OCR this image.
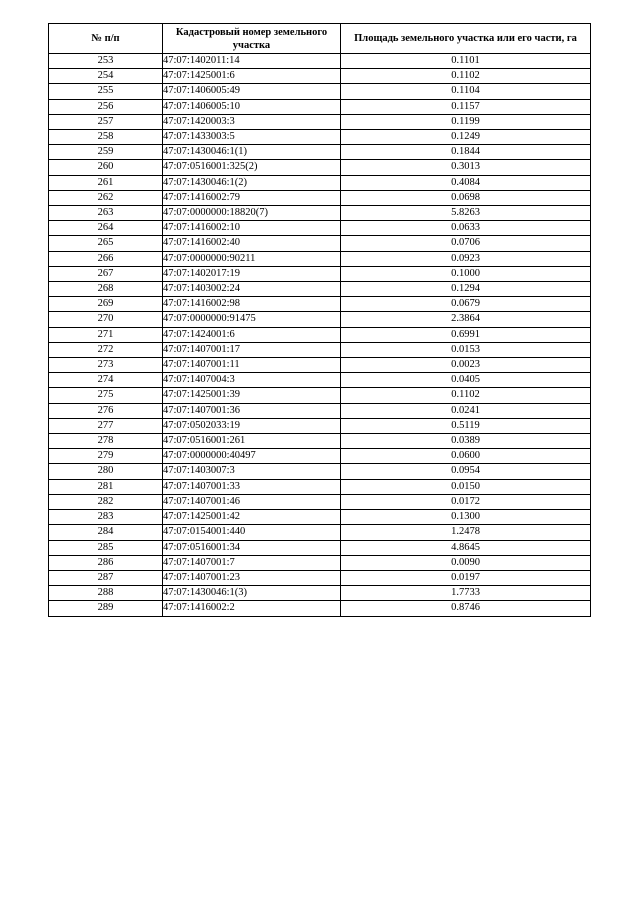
№ п/п	Кадастровый номер земельного участка	Площадь земельного участка или его части, га
253	47:07:1402011:14	0.1101
254	47:07:1425001:6	0.1102
255	47:07:1406005:49	0.1104
256	47:07:1406005:10	0.1157
257	47:07:1420003:3	0.1199
258	47:07:1433003:5	0.1249
259	47:07:1430046:1(1)	0.1844
260	47:07:0516001:325(2)	0.3013
261	47:07:1430046:1(2)	0.4084
262	47:07:1416002:79	0.0698
263	47:07:0000000:18820(7)	5.8263
264	47:07:1416002:10	0.0633
265	47:07:1416002:40	0.0706
266	47:07:0000000:90211	0.0923
267	47:07:1402017:19	0.1000
268	47:07:1403002:24	0.1294
269	47:07:1416002:98	0.0679
270	47:07:0000000:91475	2.3864
271	47:07:1424001:6	0.6991
272	47:07:1407001:17	0.0153
273	47:07:1407001:11	0.0023
274	47:07:1407004:3	0.0405
275	47:07:1425001:39	0.1102
276	47:07:1407001:36	0.0241
277	47:07:0502033:19	0.5119
278	47:07:0516001:261	0.0389
279	47:07:0000000:40497	0.0600
280	47:07:1403007:3	0.0954
281	47:07:1407001:33	0.0150
282	47:07:1407001:46	0.0172
283	47:07:1425001:42	0.1300
284	47:07:0154001:440	1.2478
285	47:07:0516001:34	4.8645
286	47:07:1407001:7	0.0090
287	47:07:1407001:23	0.0197
288	47:07:1430046:1(3)	1.7733
289	47:07:1416002:2	0.8746
